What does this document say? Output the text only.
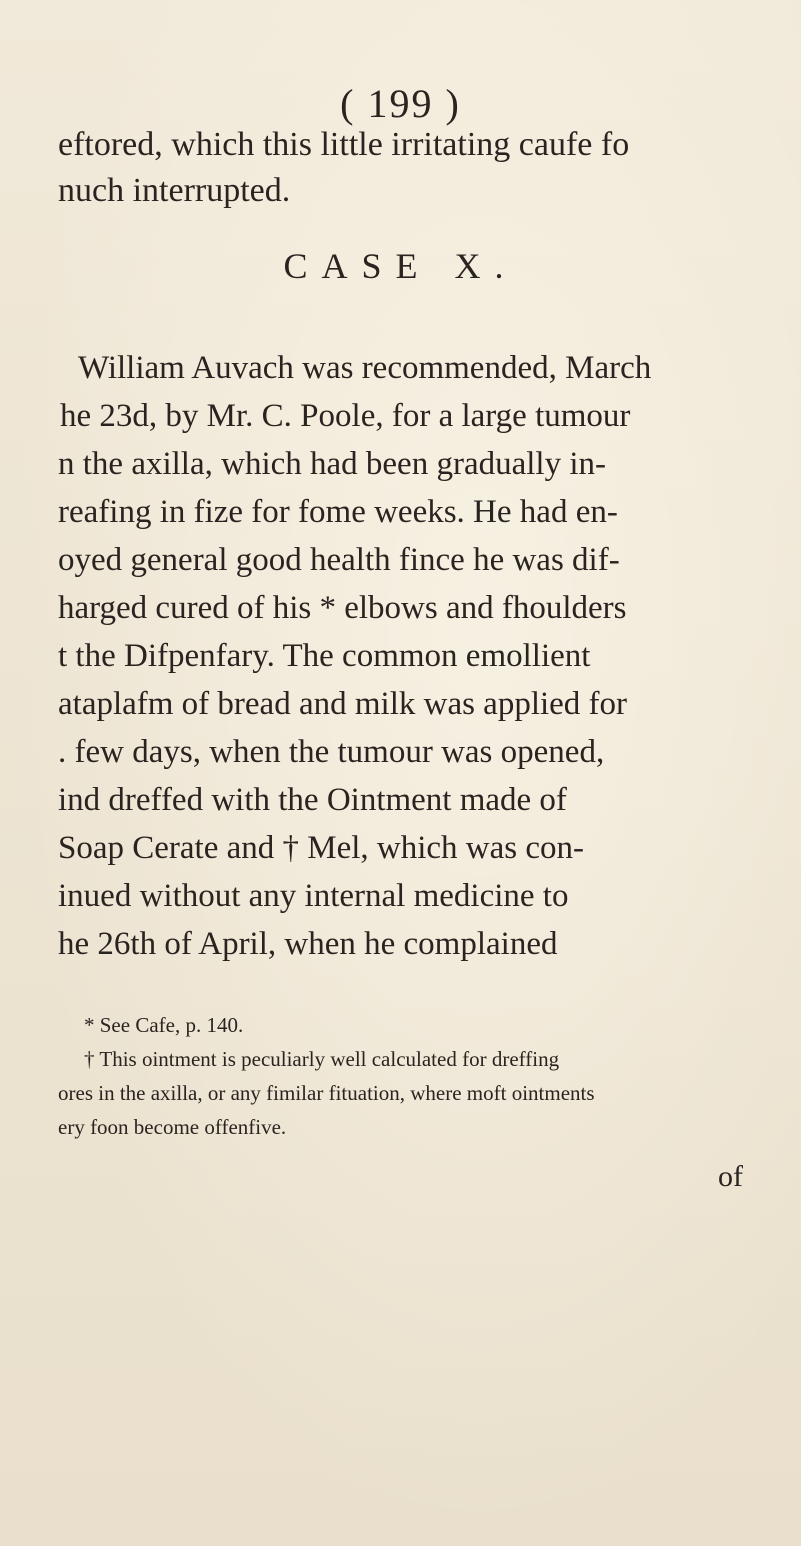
( 199 )
eftored, which this little irritating caufe fo
nuch interrupted.
CASE X.
William Auvach was recommended, March
he 23d, by Mr. C. Poole, for a large tumour
n the axilla, which had been gradually in-
reafing in fize for fome weeks. He had en-
oyed general good health fince he was dif-
harged cured of his * elbows and fhoulders
t the Difpenfary. The common emollient
ataplafm of bread and milk was applied for
. few days, when the tumour was opened,
ind dreffed with the Ointment made of
Soap Cerate and † Mel, which was con-
inued without any internal medicine to
he 26th of April, when he complained
* See Cafe, p. 140.
† This ointment is peculiarly well calculated for dreffing
ores in the axilla, or any fimilar fituation, where moft ointments
ery foon become offenfive.
of
